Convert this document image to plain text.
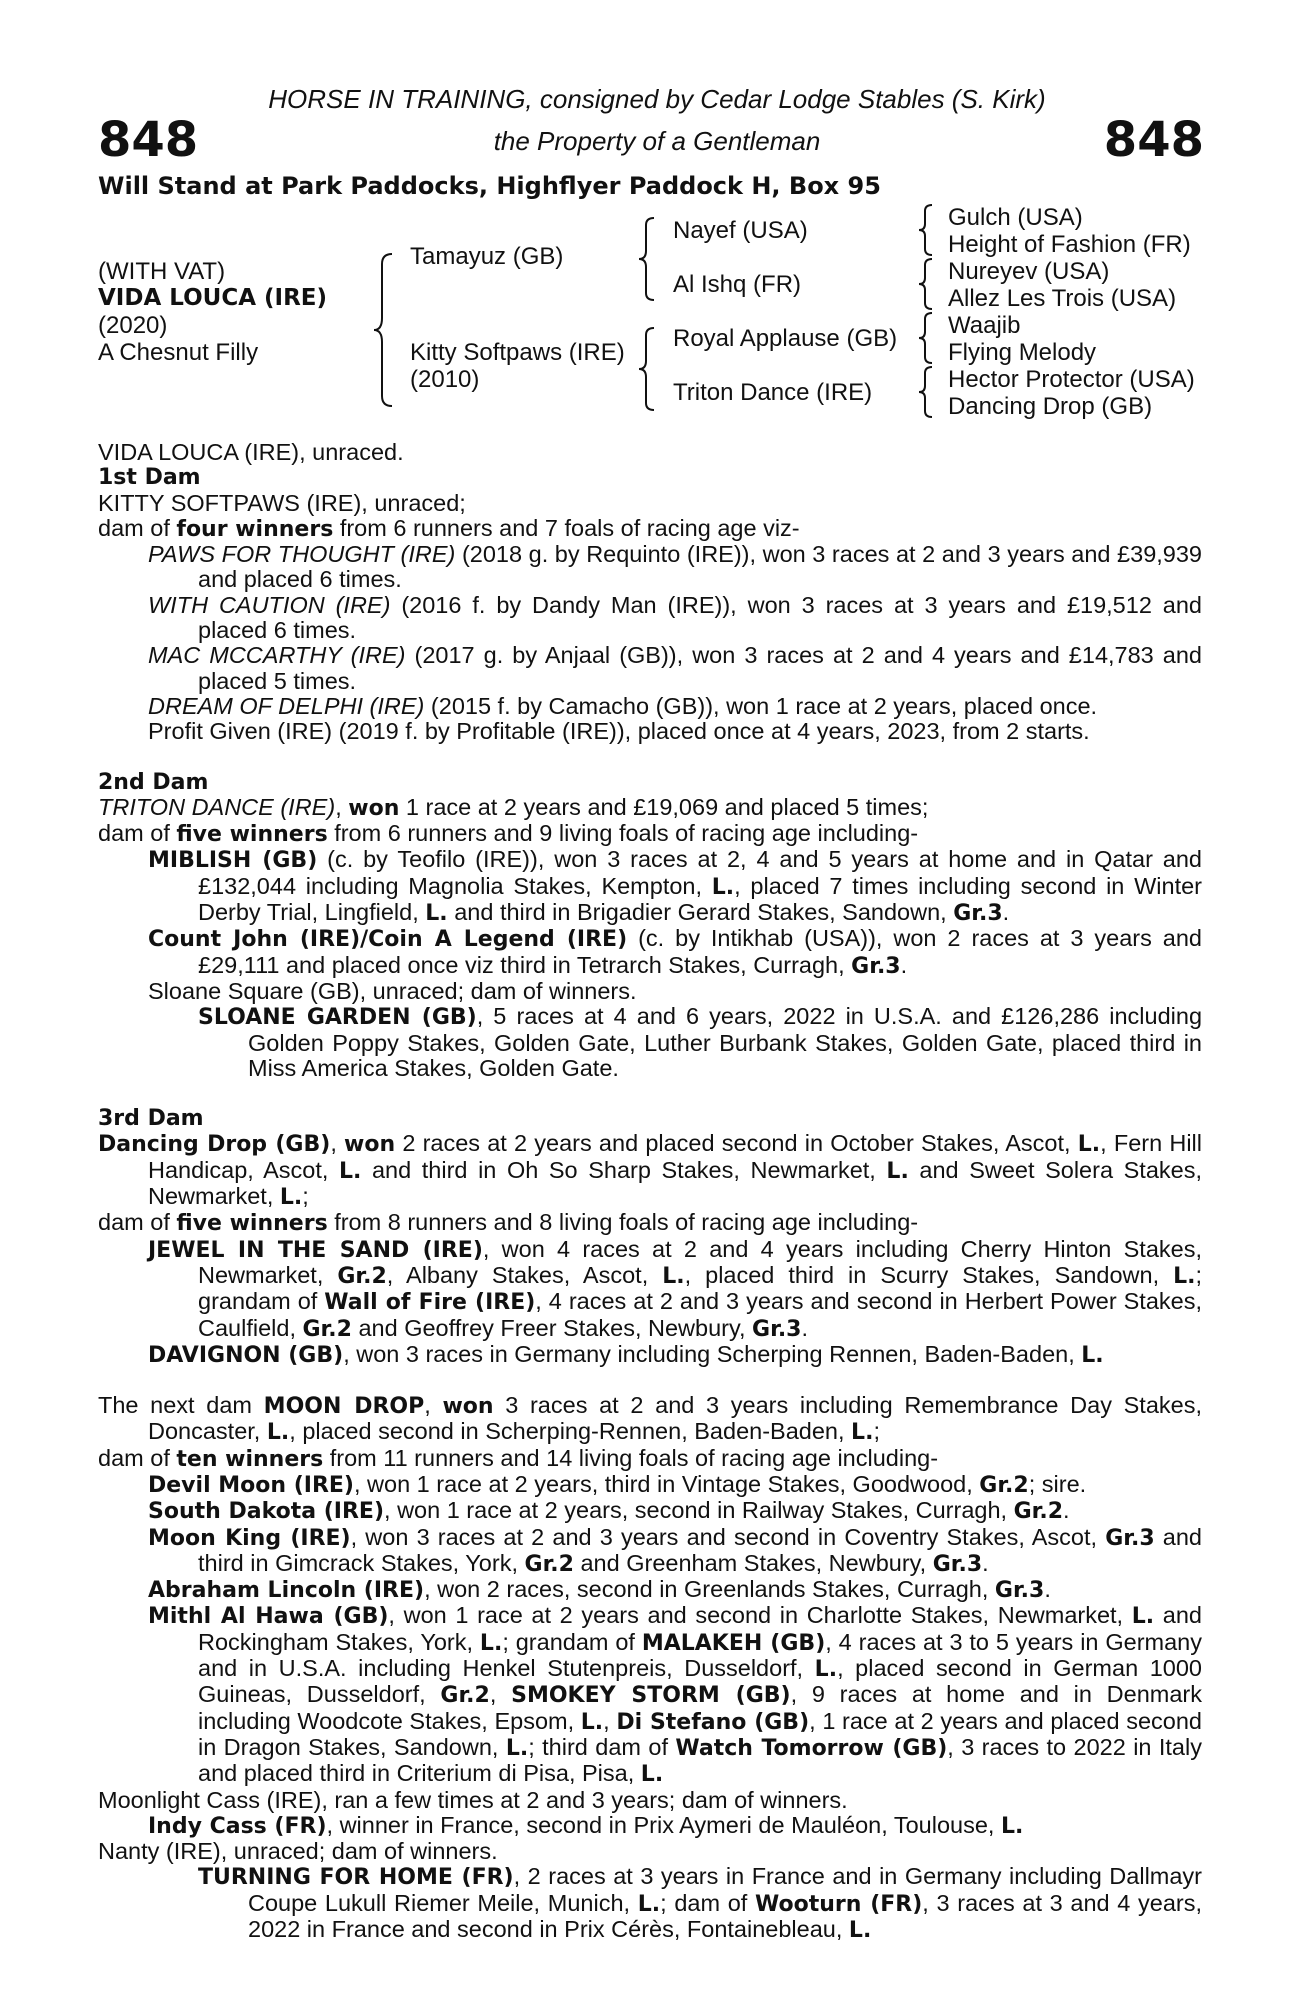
848	848
HORSE IN TRAINING, consigned by Cedar Lodge Stables (S. Kirk)
the Property of a Gentleman
Will Stand at Park Paddocks, Highflyer Paddock H, Box 95
(WITH VAT)
VIDA LOUCA (IRE)
(2020)
A Chesnut Filly
Tamayuz (GB)
Kitty Softpaws (IRE)
(2010)
Nayef (USA)
Al Ishq (FR)
Royal Applause (GB)
Triton Dance (IRE)
Gulch (USA)
Height of Fashion (FR)
Nureyev (USA)
Allez Les Trois (USA)
Waajib
Flying Melody
Hector Protector (USA)
Dancing Drop (GB)

VIDA LOUCA (IRE), unraced.

1st Dam

KITTY SOFTPAWS (IRE), unraced;

dam of four winners from 6 runners and 7 foals of racing age viz-

PAWS FOR THOUGHT (IRE) (2018 g. by Requinto (IRE)), won 3 races at 2 and 3 years and £39,939 and placed 6 times.

WITH CAUTION (IRE) (2016 f. by Dandy Man (IRE)), won 3 races at 3 years and £19,512 and placed 6 times.

MAC MCCARTHY (IRE) (2017 g. by Anjaal (GB)), won 3 races at 2 and 4 years and £14,783 and placed 5 times.

DREAM OF DELPHI (IRE) (2015 f. by Camacho (GB)), won 1 race at 2 years, placed once.

Profit Given (IRE) (2019 f. by Profitable (IRE)), placed once at 4 years, 2023, from 2 starts.

2nd Dam

TRITON DANCE (IRE), won 1 race at 2 years and £19,069 and placed 5 times;

dam of five winners from 6 runners and 9 living foals of racing age including-

MIBLISH (GB) (c. by Teofilo (IRE)), won 3 races at 2, 4 and 5 years at home and in Qatar and £132,044 including Magnolia Stakes, Kempton, L., placed 7 times including second in Winter Derby Trial, Lingfield, L. and third in Brigadier Gerard Stakes, Sandown, Gr.3.

Count John (IRE)/Coin A Legend (IRE) (c. by Intikhab (USA)), won 2 races at 3 years and £29,111 and placed once viz third in Tetrarch Stakes, Curragh, Gr.3.

Sloane Square (GB), unraced; dam of winners.

SLOANE GARDEN (GB), 5 races at 4 and 6 years, 2022 in U.S.A. and £126,286 including Golden Poppy Stakes, Golden Gate, Luther Burbank Stakes, Golden Gate, placed third in Miss America Stakes, Golden Gate.

3rd Dam

Dancing Drop (GB), won 2 races at 2 years and placed second in October Stakes, Ascot, L., Fern Hill Handicap, Ascot, L. and third in Oh So Sharp Stakes, Newmarket, L. and Sweet Solera Stakes, Newmarket, L.;

dam of five winners from 8 runners and 8 living foals of racing age including-

JEWEL IN THE SAND (IRE), won 4 races at 2 and 4 years including Cherry Hinton Stakes, Newmarket, Gr.2, Albany Stakes, Ascot, L., placed third in Scurry Stakes, Sandown, L.; grandam of Wall of Fire (IRE), 4 races at 2 and 3 years and second in Herbert Power Stakes, Caulfield, Gr.2 and Geoffrey Freer Stakes, Newbury, Gr.3.

DAVIGNON (GB), won 3 races in Germany including Scherping Rennen, Baden-Baden, L.

The next dam MOON DROP, won 3 races at 2 and 3 years including Remembrance Day Stakes, Doncaster, L., placed second in Scherping-Rennen, Baden-Baden, L.;

dam of ten winners from 11 runners and 14 living foals of racing age including-

Devil Moon (IRE), won 1 race at 2 years, third in Vintage Stakes, Goodwood, Gr.2; sire.

South Dakota (IRE), won 1 race at 2 years, second in Railway Stakes, Curragh, Gr.2.

Moon King (IRE), won 3 races at 2 and 3 years and second in Coventry Stakes, Ascot, Gr.3 and third in Gimcrack Stakes, York, Gr.2 and Greenham Stakes, Newbury, Gr.3.

Abraham Lincoln (IRE), won 2 races, second in Greenlands Stakes, Curragh, Gr.3.

Mithl Al Hawa (GB), won 1 race at 2 years and second in Charlotte Stakes, Newmarket, L. and Rockingham Stakes, York, L.; grandam of MALAKEH (GB), 4 races at 3 to 5 years in Germany and in U.S.A. including Henkel Stutenpreis, Dusseldorf, L., placed second in German 1000 Guineas, Dusseldorf, Gr.2, SMOKEY STORM (GB), 9 races at home and in Denmark including Woodcote Stakes, Epsom, L., Di Stefano (GB), 1 race at 2 years and placed second in Dragon Stakes, Sandown, L.; third dam of Watch Tomorrow (GB), 3 races to 2022 in Italy and placed third in Criterium di Pisa, Pisa, L.

Moonlight Cass (IRE), ran a few times at 2 and 3 years; dam of winners.

Indy Cass (FR), winner in France, second in Prix Aymeri de Mauléon, Toulouse, L.

Nanty (IRE), unraced; dam of winners.

TURNING FOR HOME (FR), 2 races at 3 years in France and in Germany including Dallmayr Coupe Lukull Riemer Meile, Munich, L.; dam of Wooturn (FR), 3 races at 3 and 4 years, 2022 in France and second in Prix Cérès, Fontainebleau, L.
